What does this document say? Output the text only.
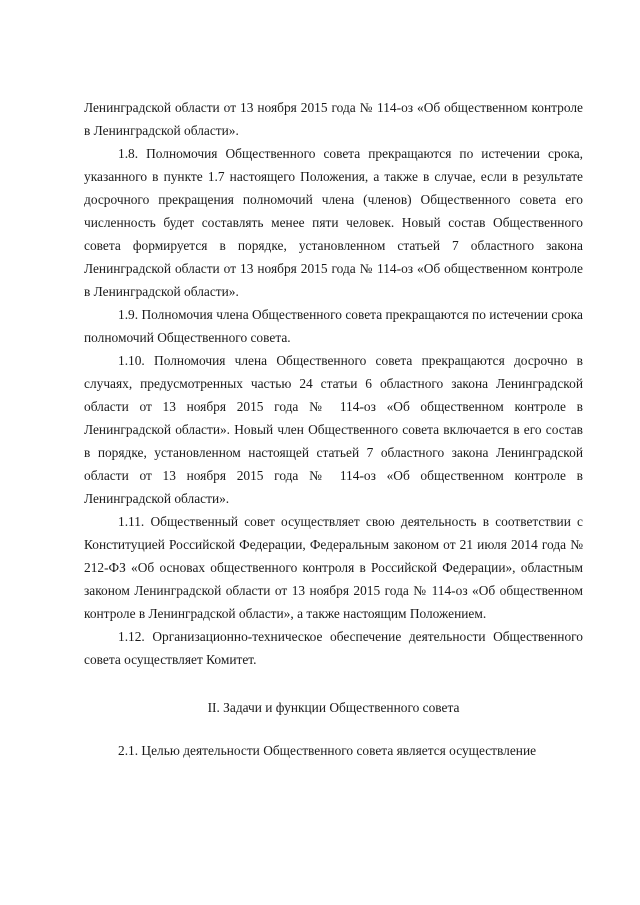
Ленинградской области от 13 ноября 2015 года № 114-оз «Об общественном контроле в Ленинградской области».

1.8. Полномочия Общественного совета прекращаются по истечении срока, указанного в пункте 1.7 настоящего Положения, а также в случае, если в результате досрочного прекращения полномочий члена (членов) Общественного совета его численность будет составлять менее пяти человек. Новый состав Общественного совета формируется в порядке, установленном статьей 7 областного закона Ленинградской области от 13 ноября 2015 года № 114-оз «Об общественном контроле в Ленинградской области».

1.9. Полномочия члена Общественного совета прекращаются по истечении срока полномочий Общественного совета.

1.10. Полномочия члена Общественного совета прекращаются досрочно в случаях, предусмотренных частью 24 статьи 6 областного закона Ленинградской области от 13 ноября 2015 года № 114-оз «Об общественном контроле в Ленинградской области». Новый член Общественного совета включается в его состав в порядке, установленном настоящей статьей 7 областного закона Ленинградской области от 13 ноября 2015 года № 114-оз «Об общественном контроле в Ленинградской области».

1.11. Общественный совет осуществляет свою деятельность в соответствии с Конституцией Российской Федерации, Федеральным законом от 21 июля 2014 года № 212-ФЗ «Об основах общественного контроля в Российской Федерации», областным законом Ленинградской области от 13 ноября 2015 года № 114-оз «Об общественном контроле в Ленинградской области», а также настоящим Положением.

1.12. Организационно-техническое обеспечение деятельности Общественного совета осуществляет Комитет.

II. Задачи и функции Общественного совета

2.1. Целью деятельности Общественного совета является осуществление
